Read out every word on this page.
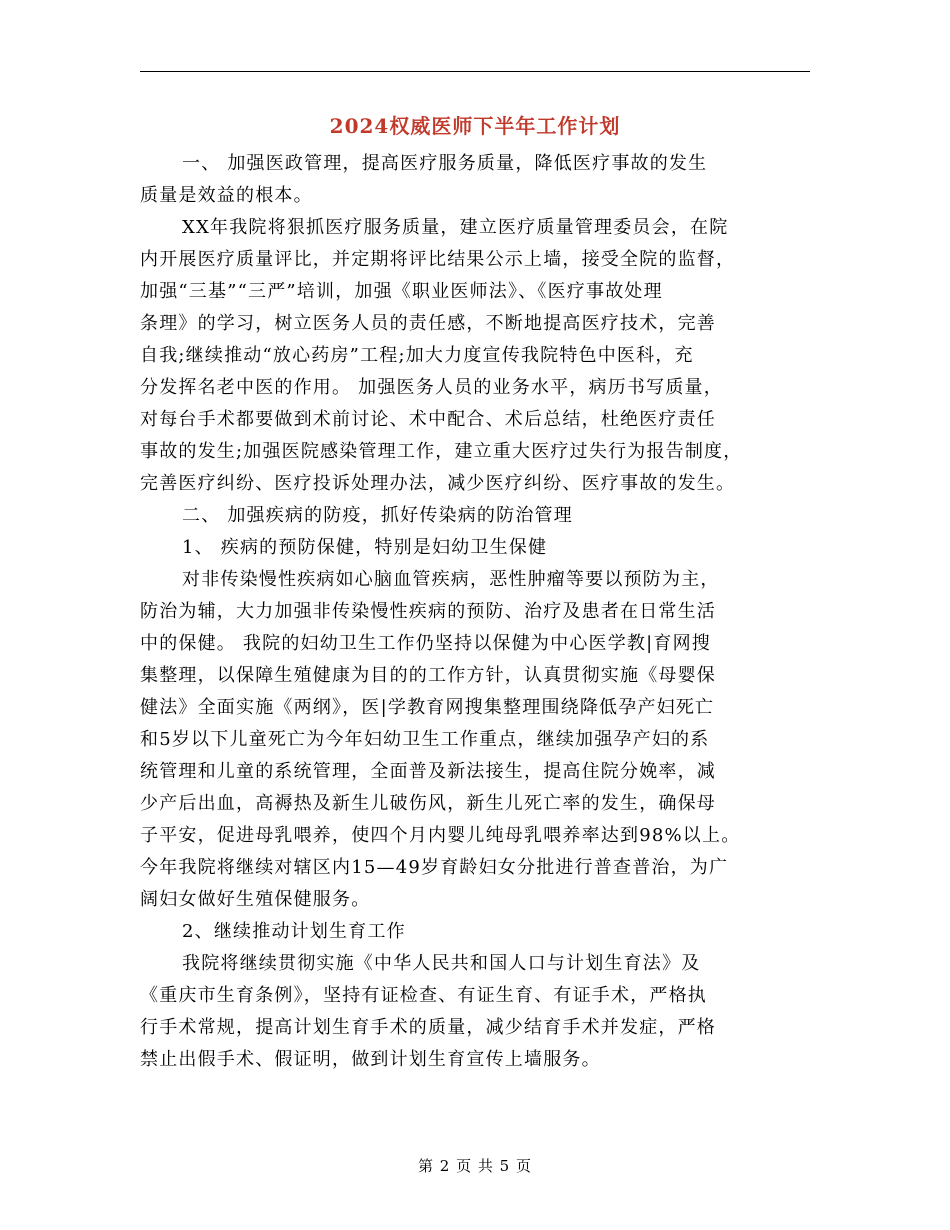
2024权威医师下半年工作计划
一、 加强医政管理，提高医疗服务质量，降低医疗事故的发生
质量是效益的根本。
XX年我院将狠抓医疗服务质量，建立医疗质量管理委员会，在院
内开展医疗质量评比，并定期将评比结果公示上墙，接受全院的监督，
加强“三基”“三严”培训，加强《职业医师法》、《医疗事故处理
条理》的学习，树立医务人员的责任感，不断地提高医疗技术，完善
自我;继续推动“放心药房”工程;加大力度宣传我院特色中医科，充
分发挥名老中医的作用。 加强医务人员的业务水平，病历书写质量，
对每台手术都要做到术前讨论、术中配合、术后总结，杜绝医疗责任
事故的发生;加强医院感染管理工作，建立重大医疗过失行为报告制度，
完善医疗纠纷、医疗投诉处理办法，减少医疗纠纷、医疗事故的发生。
二、 加强疾病的防疫，抓好传染病的防治管理
1、 疾病的预防保健，特别是妇幼卫生保健
对非传染慢性疾病如心脑血管疾病，恶性肿瘤等要以预防为主，
防治为辅，大力加强非传染慢性疾病的预防、治疗及患者在日常生活
中的保健。 我院的妇幼卫生工作仍坚持以保健为中心医学教|育网搜
集整理，以保障生殖健康为目的的工作方针，认真贯彻实施《母婴保
健法》全面实施《两纲》，医|学教育网搜集整理围绕降低孕产妇死亡
和5岁以下儿童死亡为今年妇幼卫生工作重点，继续加强孕产妇的系
统管理和儿童的系统管理，全面普及新法接生，提高住院分娩率，减
少产后出血，高褥热及新生儿破伤风，新生儿死亡率的发生，确保母
子平安，促进母乳喂养，使四个月内婴儿纯母乳喂养率达到98%以上。
今年我院将继续对辖区内15—49岁育龄妇女分批进行普查普治，为广
阔妇女做好生殖保健服务。
2、继续推动计划生育工作
我院将继续贯彻实施《中华人民共和国人口与计划生育法》及
《重庆市生育条例》，坚持有证检查、有证生育、有证手术，严格执
行手术常规，提高计划生育手术的质量，减少结育手术并发症，严格
禁止出假手术、假证明，做到计划生育宣传上墙服务。
第 2 页 共 5 页
